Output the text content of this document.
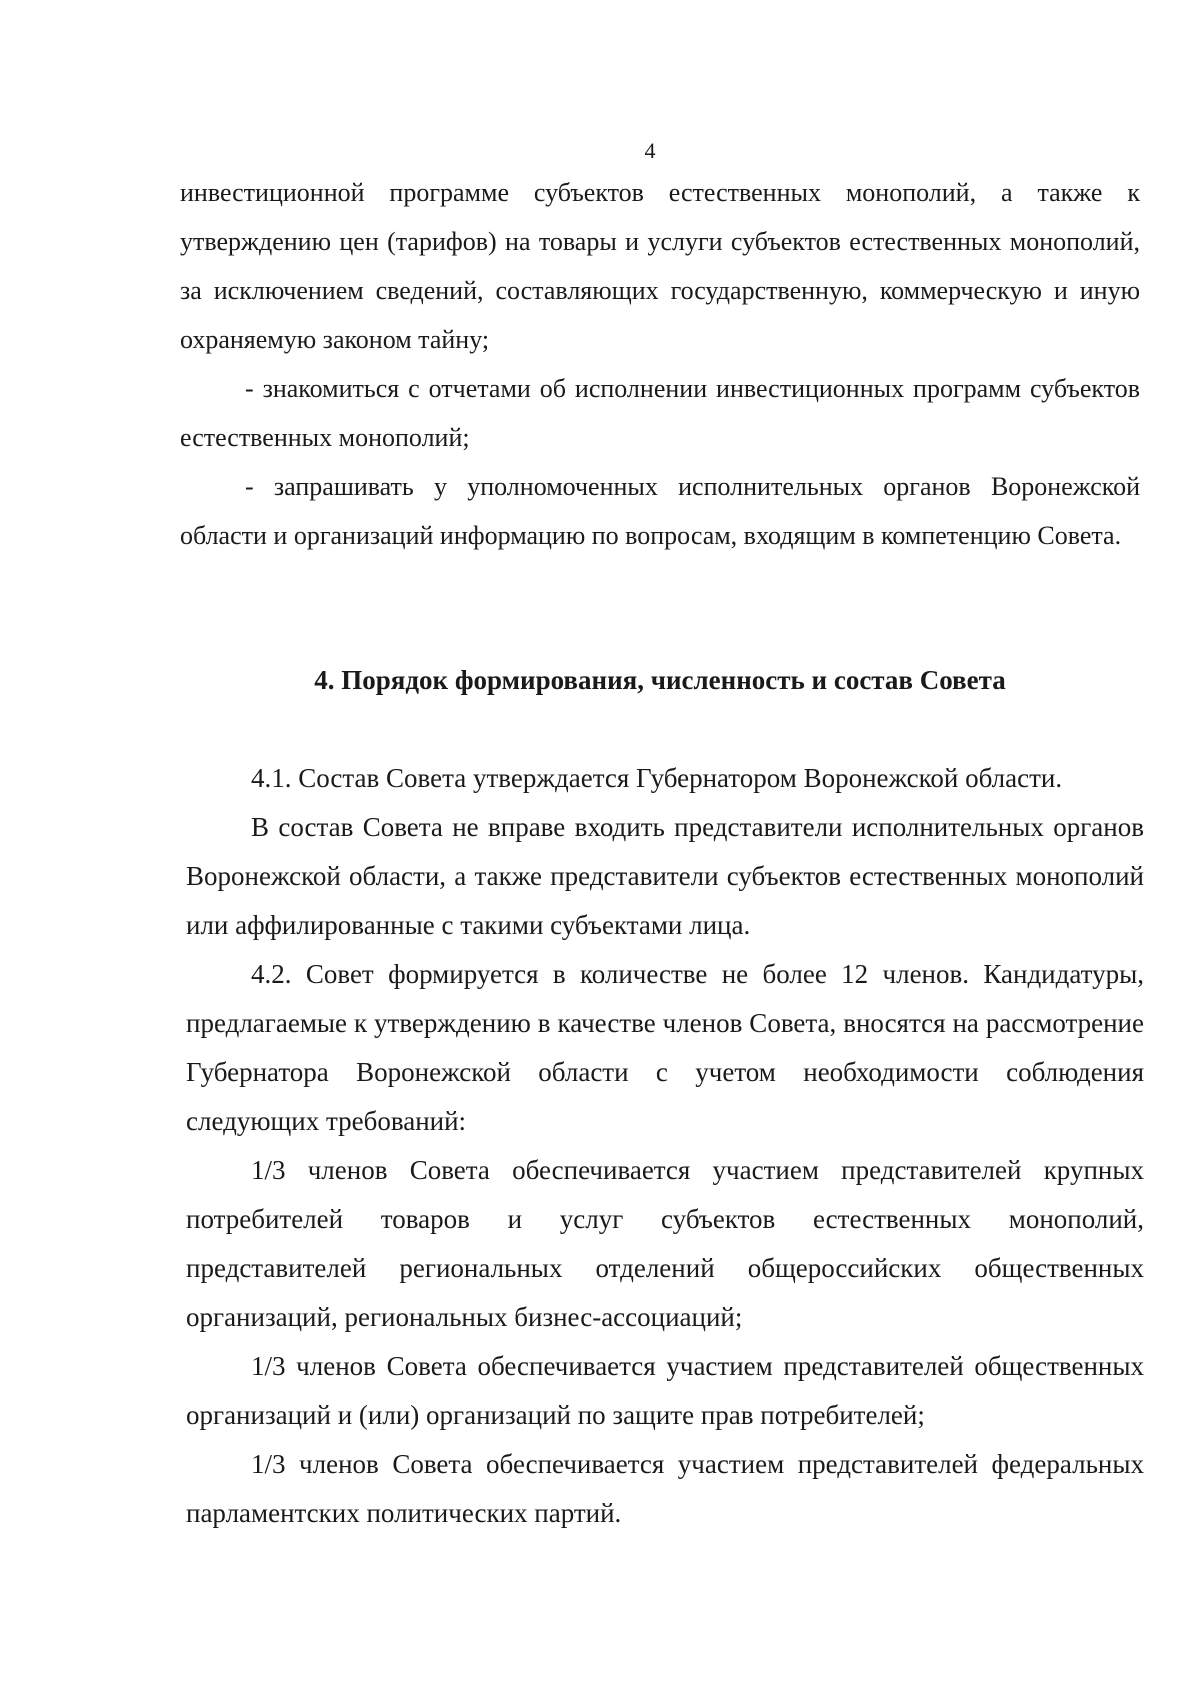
4

инвестиционной программе субъектов естественных монополий, а также к утверждению цен (тарифов) на товары и услуги субъектов естественных монополий, за исключением сведений, составляющих государственную, коммерческую и иную охраняемую законом тайну;

- знакомиться с отчетами об исполнении инвестиционных программ субъектов естественных монополий;

- запрашивать у уполномоченных исполнительных органов Воронежской области и организаций информацию по вопросам, входящим в компетенцию Совета.

4. Порядок формирования, численность и состав Совета

4.1. Состав Совета утверждается Губернатором Воронежской области.

В состав Совета не вправе входить представители исполнительных органов Воронежской области, а также представители субъектов естественных монополий или аффилированные с такими субъектами лица.

4.2. Совет формируется в количестве не более 12 членов. Кандидатуры, предлагаемые к утверждению в качестве членов Совета, вносятся на рассмотрение Губернатора Воронежской области с учетом необходимости соблюдения следующих требований:

1/3 членов Совета обеспечивается участием представителей крупных потребителей товаров и услуг субъектов естественных монополий, представителей региональных отделений общероссийских общественных организаций, региональных бизнес-ассоциаций;

1/3 членов Совета обеспечивается участием представителей общественных организаций и (или) организаций по защите прав потребителей;

1/3 членов Совета обеспечивается участием представителей федеральных парламентских политических партий.
